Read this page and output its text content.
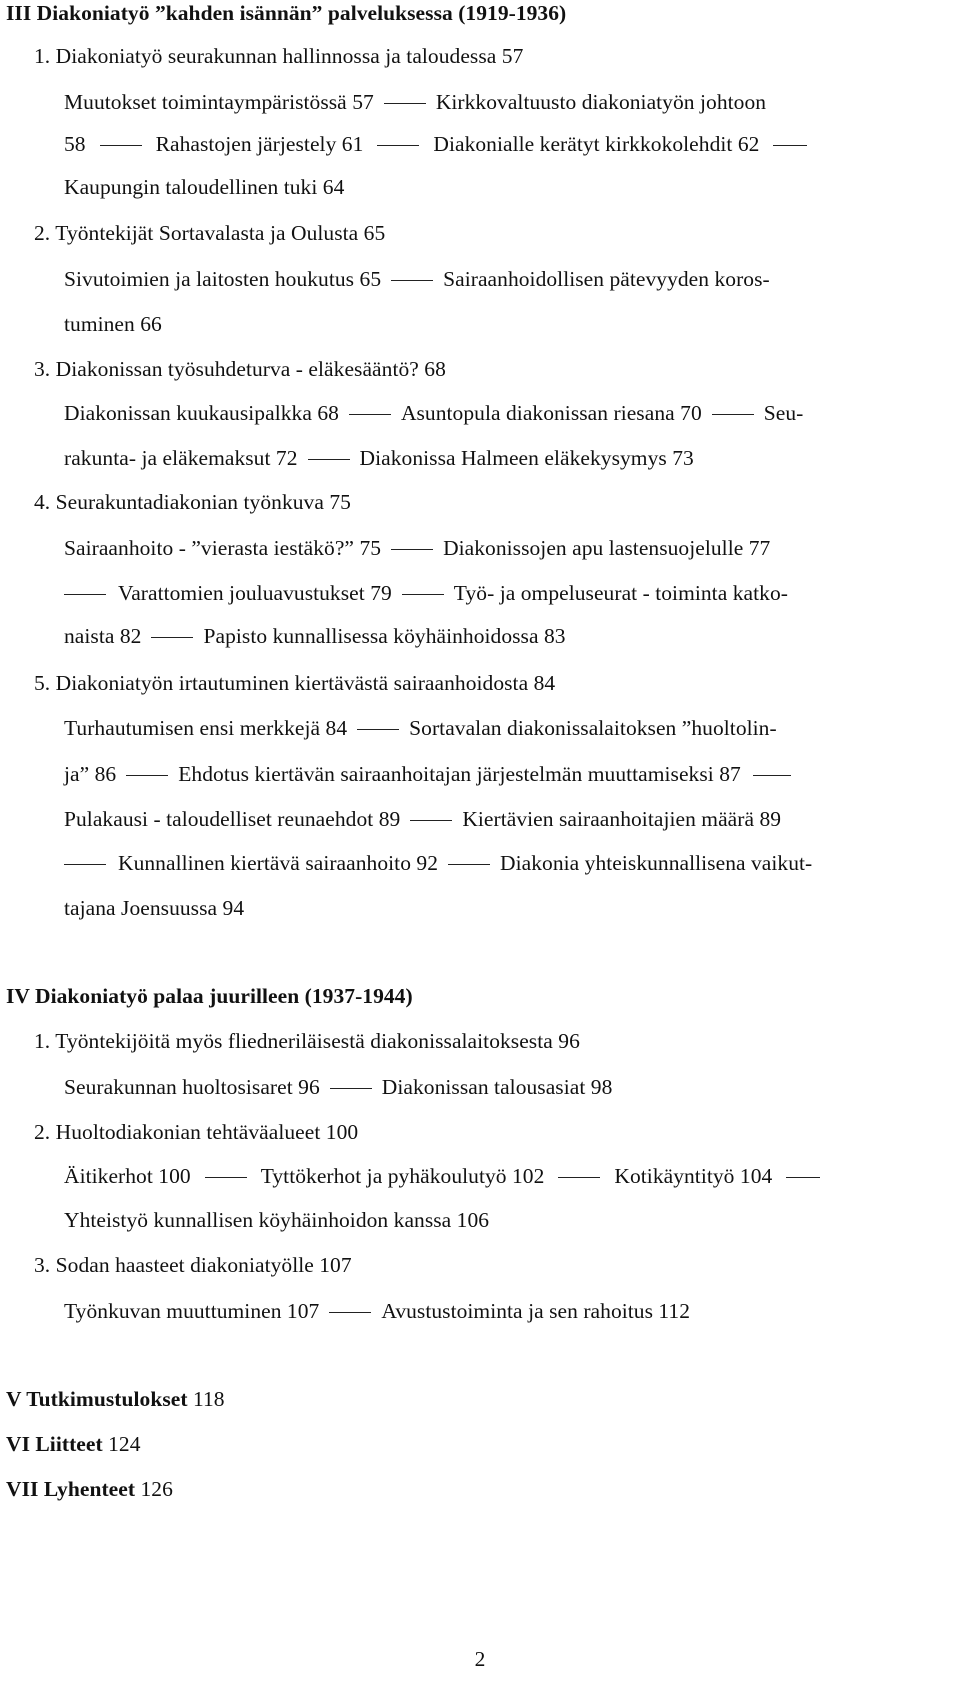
III Diakoniatyö ”kahden isännän” palveluksessa (1919-1936)
1. Diakoniatyö seurakunnan hallinnossa ja taloudessa 57
Muutokset toimintaympäristössä 57	Kirkkovaltuusto diakoniatyön johtoon
58	Rahastojen järjestely 61	Diakonialle kerätyt kirkkokolehdit 62
Kaupungin taloudellinen tuki 64
2. Työntekijät Sortavalasta ja Oulusta 65
Sivutoimien ja laitosten houkutus 65	Sairaanhoidollisen pätevyyden koros-
tuminen 66
3. Diakonissan työsuhdeturva - eläkesääntö? 68
Diakonissan kuukausipalkka 68	Asuntopula diakonissan riesana 70	Seu-
rakunta- ja eläkemaksut 72	Diakonissa Halmeen eläkekysymys 73
4. Seurakuntadiakonian työnkuva 75
Sairaanhoito - ”vierasta iestäkö?” 75	Diakonissojen apu lastensuojelulle 77
Varattomien jouluavustukset 79	Työ- ja ompeluseurat - toiminta katko-
naista 82	Papisto kunnallisessa köyhäinhoidossa 83
5. Diakoniatyön irtautuminen kiertävästä sairaanhoidosta 84
Turhautumisen ensi merkkejä 84	Sortavalan diakonissalaitoksen ”huoltolin-
ja” 86	Ehdotus kiertävän sairaanhoitajan järjestelmän muuttamiseksi 87
Pulakausi - taloudelliset reunaehdot 89	Kiertävien sairaanhoitajien määrä 89
Kunnallinen kiertävä sairaanhoito 92	Diakonia yhteiskunnallisena vaikut-
tajana Joensuussa 94
IV Diakoniatyö palaa juurilleen (1937-1944)
1. Työntekijöitä myös fliedneriläisestä diakonissalaitoksesta 96
Seurakunnan huoltosisaret 96	Diakonissan talousasiat 98
2. Huoltodiakonian tehtäväalueet 100
Äitikerhot 100	Tyttökerhot ja pyhäkoulutyö 102	Kotikäyntityö 104
Yhteistyö kunnallisen köyhäinhoidon kanssa 106
3. Sodan haasteet diakoniatyölle 107
Työnkuvan muuttuminen 107	Avustustoiminta ja sen rahoitus 112
V Tutkimustulokset 118
VI Liitteet 124
VII Lyhenteet 126
2
